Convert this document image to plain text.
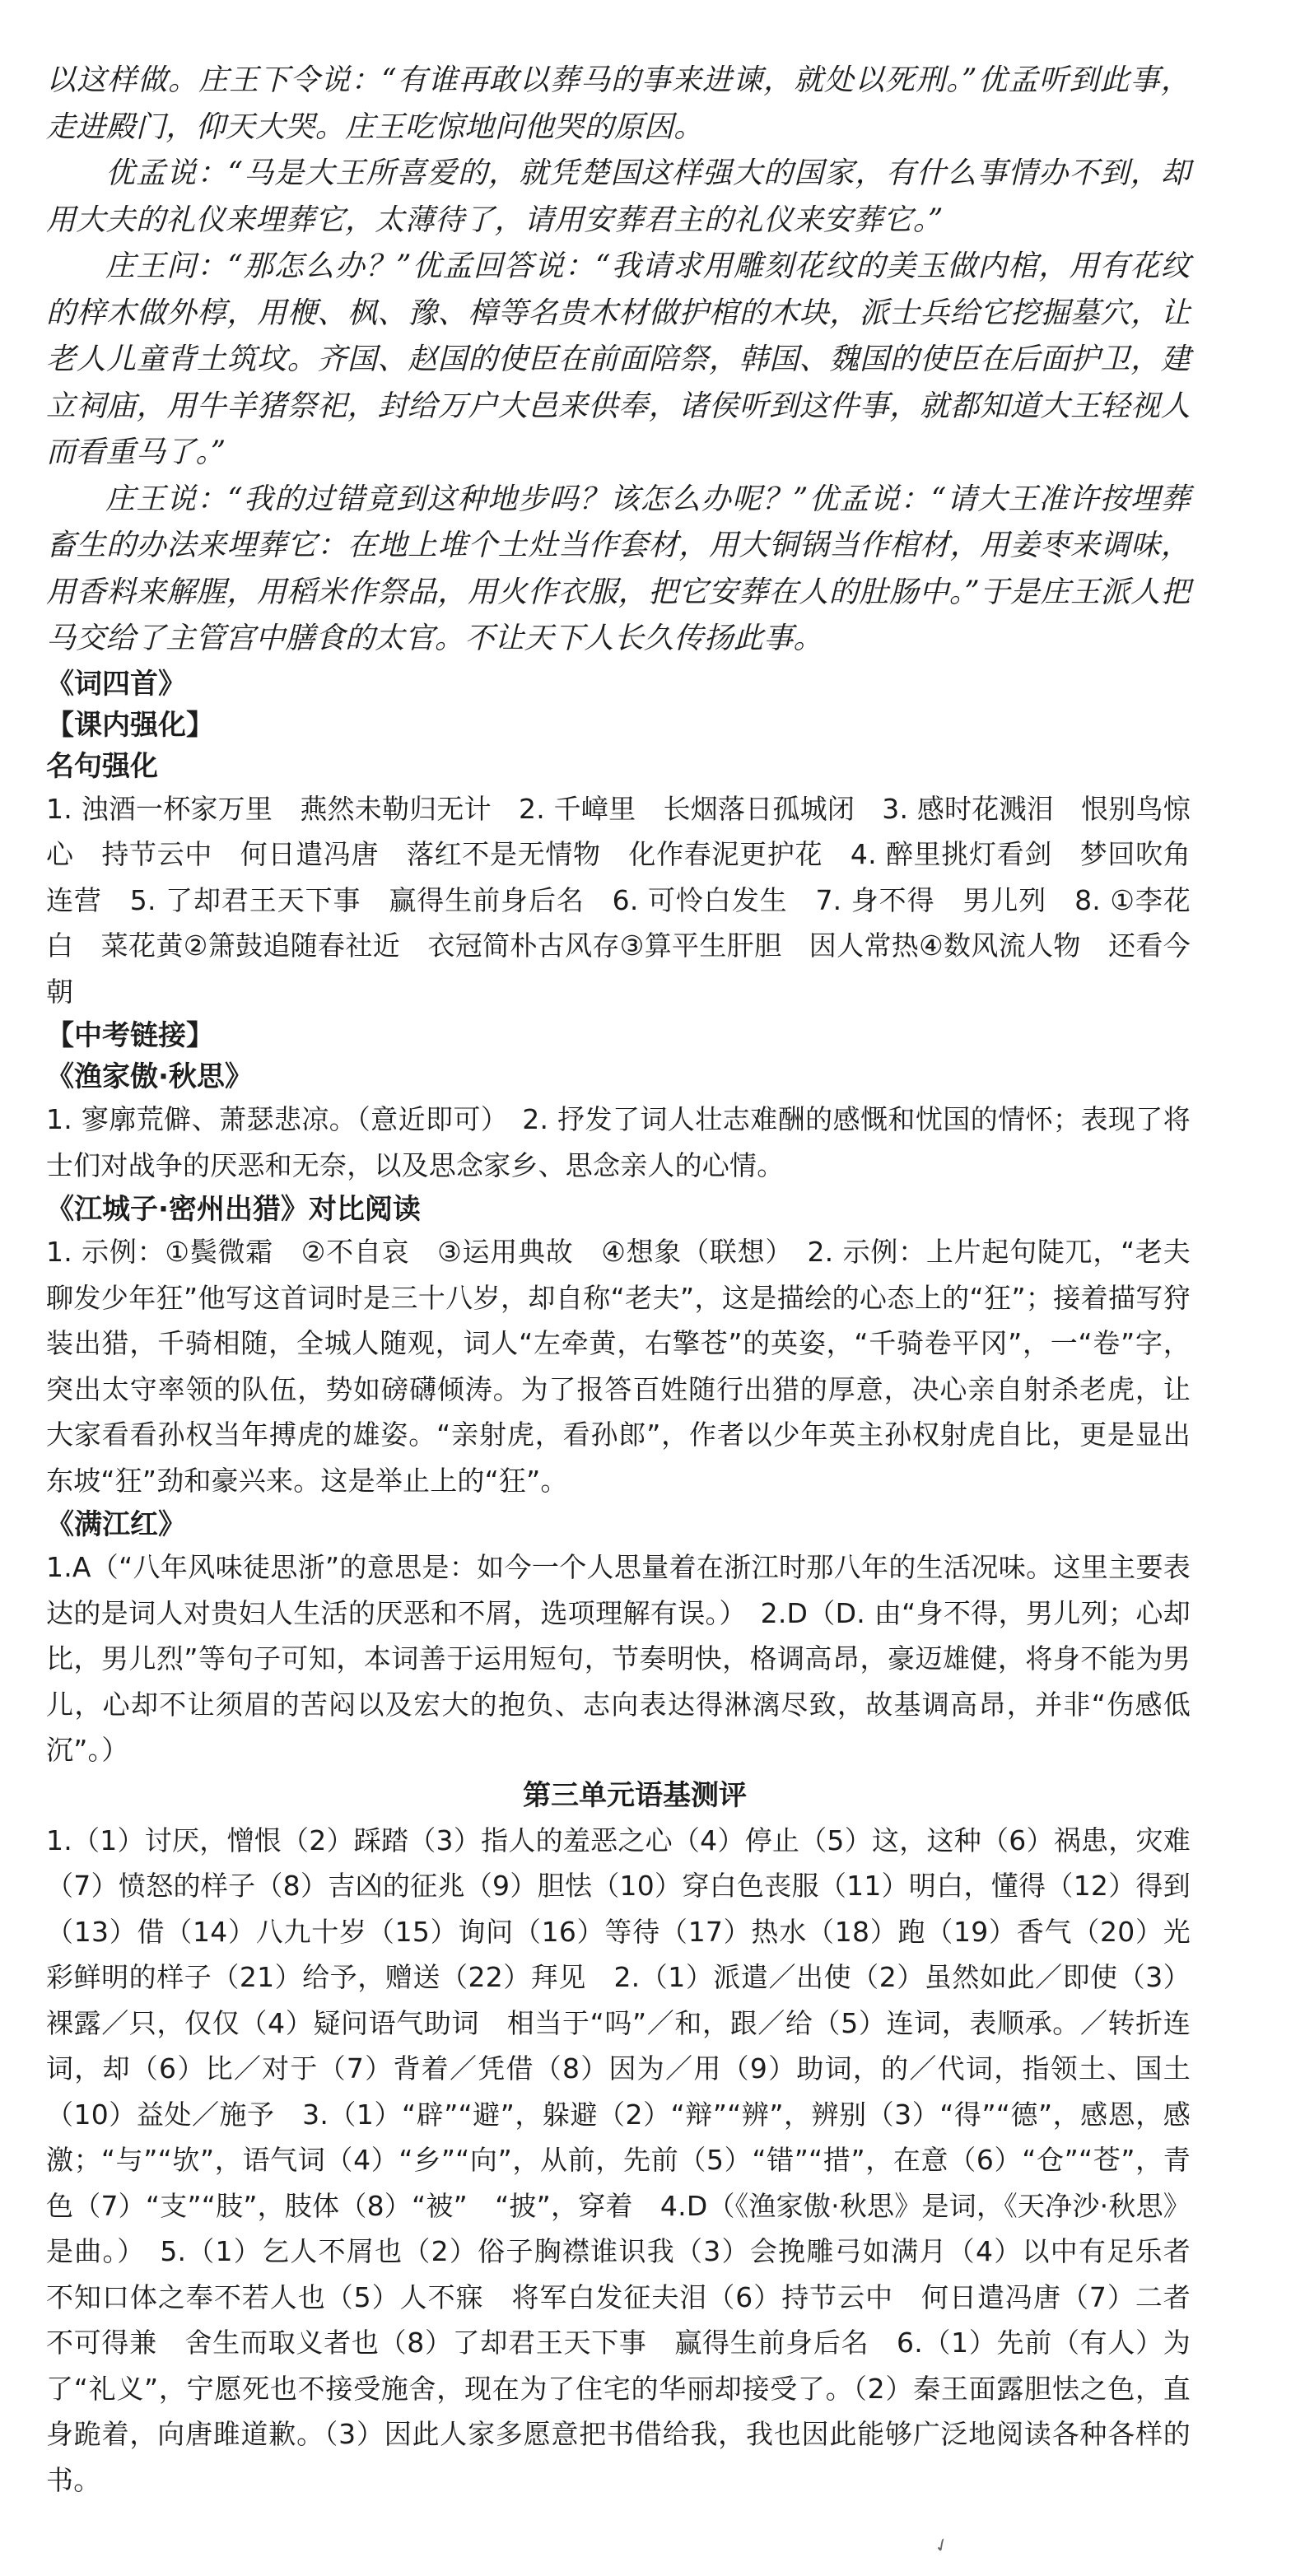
以这样做。庄王下令说：“有谁再敢以葬马的事来进谏，就处以死刑。”优孟听到此事，走进殿门，仰天大哭。庄王吃惊地问他哭的原因。

优孟说：“马是大王所喜爱的，就凭楚国这样强大的国家，有什么事情办不到，却用大夫的礼仪来埋葬它，太薄待了，请用安葬君主的礼仪来安葬它。”

庄王问：“那怎么办？”优孟回答说：“我请求用雕刻花纹的美玉做内棺，用有花纹的梓木做外椁，用楩、枫、豫、樟等名贵木材做护棺的木块，派士兵给它挖掘墓穴，让老人儿童背土筑坟。齐国、赵国的使臣在前面陪祭，韩国、魏国的使臣在后面护卫，建立祠庙，用牛羊猪祭祀，封给万户大邑来供奉，诸侯听到这件事，就都知道大王轻视人而看重马了。”

庄王说：“我的过错竟到这种地步吗？该怎么办呢？”优孟说：“请大王准许按埋葬畜生的办法来埋葬它：在地上堆个土灶当作套材，用大铜锅当作棺材，用姜枣来调味，用香料来解腥，用稻米作祭品，用火作衣服，把它安葬在人的肚肠中。”于是庄王派人把马交给了主管宫中膳食的太官。不让天下人长久传扬此事。

《词四首》

【课内强化】

名句强化

1. 浊酒一杯家万里　燕然未勒归无计　2. 千嶂里　长烟落日孤城闭　3. 感时花溅泪　恨别鸟惊心　持节云中　何日遣冯唐　落红不是无情物　化作春泥更护花　4. 醉里挑灯看剑　梦回吹角连营　5. 了却君王天下事　赢得生前身后名　6. 可怜白发生　7. 身不得　男儿列　8. ①李花白　菜花黄②箫鼓追随春社近　衣冠简朴古风存③算平生肝胆　因人常热④数风流人物　还看今朝

【中考链接】

《渔家傲·秋思》

1. 寥廓荒僻、萧瑟悲凉。（意近即可）　2. 抒发了词人壮志难酬的感慨和忧国的情怀；表现了将士们对战争的厌恶和无奈，以及思念家乡、思念亲人的心情。

《江城子·密州出猎》对比阅读

1. 示例：①鬓微霜　②不自哀　③运用典故　④想象（联想）　2. 示例：上片起句陡兀，“老夫聊发少年狂”他写这首词时是三十八岁，却自称“老夫”，这是描绘的心态上的“狂”；接着描写狩装出猎，千骑相随，全城人随观，词人“左牵黄，右擎苍”的英姿，“千骑卷平冈”，一“卷”字，突出太守率领的队伍，势如磅礴倾涛。为了报答百姓随行出猎的厚意，决心亲自射杀老虎，让大家看看孙权当年搏虎的雄姿。“亲射虎，看孙郎”，作者以少年英主孙权射虎自比，更是显出东坡“狂”劲和豪兴来。这是举止上的“狂”。

《满江红》

1.A（“八年风味徒思浙”的意思是：如今一个人思量着在浙江时那八年的生活况味。这里主要表达的是词人对贵妇人生活的厌恶和不屑，选项理解有误。）　2.D（D. 由“身不得，男儿列；心却比，男儿烈”等句子可知，本词善于运用短句，节奏明快，格调高昂，豪迈雄健，将身不能为男儿，心却不让须眉的苦闷以及宏大的抱负、志向表达得淋漓尽致，故基调高昂，并非“伤感低沉”。）

第三单元语基测评

1.（1）讨厌，憎恨（2）踩踏（3）指人的羞恶之心（4）停止（5）这，这种（6）祸患，灾难（7）愤怒的样子（8）吉凶的征兆（9）胆怯（10）穿白色丧服（11）明白，懂得（12）得到（13）借（14）八九十岁（15）询问（16）等待（17）热水（18）跑（19）香气（20）光彩鲜明的样子（21）给予，赠送（22）拜见　2.（1）派遣／出使（2）虽然如此／即使（3）裸露／只，仅仅（4）疑问语气助词　相当于“吗”／和，跟／给（5）连词，表顺承。／转折连词，却（6）比／对于（7）背着／凭借（8）因为／用（9）助词，的／代词，指领土、国土（10）益处／施予　3.（1）“辟”“避”，躲避（2）“辩”“辨”，辨别（3）“得”“德”，感恩，感激；“与”“欤”，语气词（4）“乡”“向”，从前，先前（5）“错”“措”，在意（6）“仓”“苍”，青色（7）“支”“肢”，肢体（8）“被”　“披”，穿着　4.D（《渔家傲·秋思》是词，《天净沙·秋思》是曲。）　5.（1）乞人不屑也（2）俗子胸襟谁识我（3）会挽雕弓如满月（4）以中有足乐者　不知口体之奉不若人也（5）人不寐　将军白发征夫泪（6）持节云中　何日遣冯唐（7）二者不可得兼　舍生而取义者也（8）了却君王天下事　赢得生前身后名　6.（1）先前（有人）为了“礼义”，宁愿死也不接受施舍，现在为了住宅的华丽却接受了。（2）秦王面露胆怯之色，直身跪着，向唐雎道歉。（3）因此人家多愿意把书借给我，我也因此能够广泛地阅读各种各样的书。

✓
